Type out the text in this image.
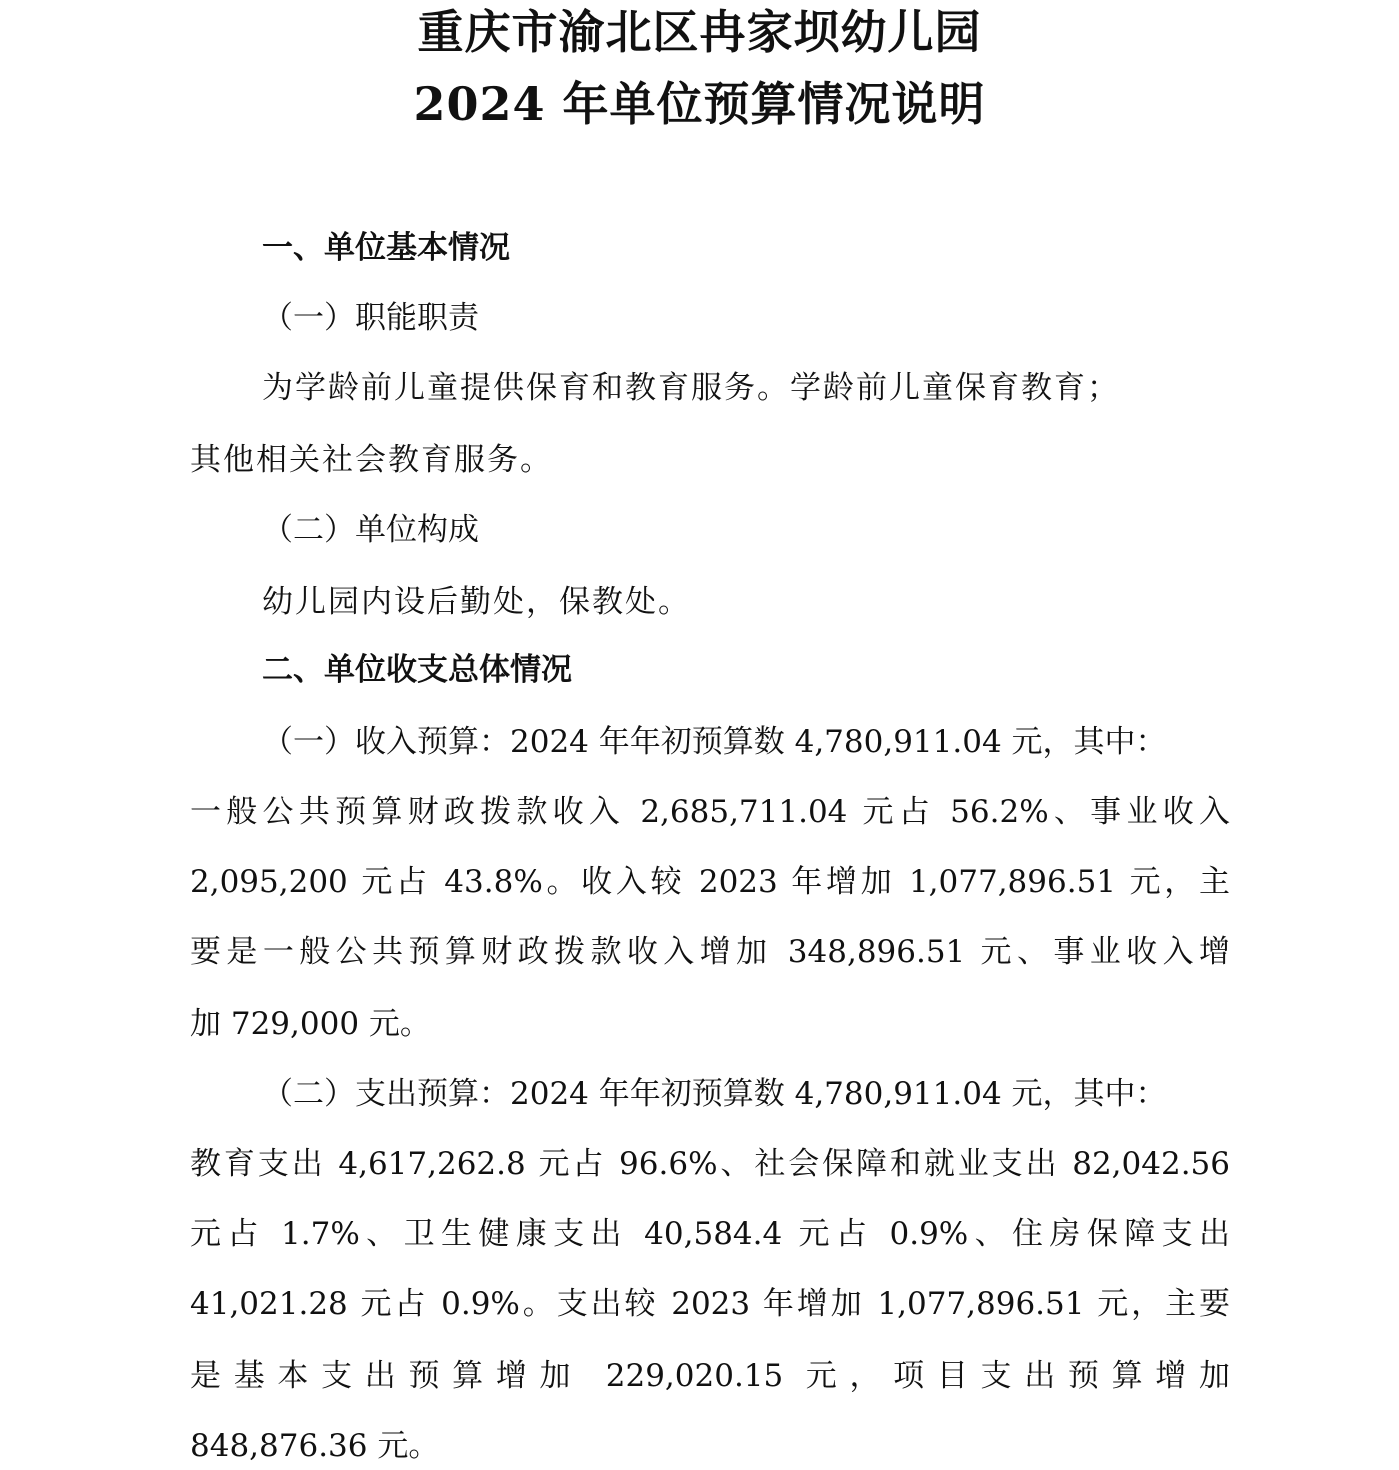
重庆市渝北区冉家坝幼儿园
2024 年单位预算情况说明
一、单位基本情况
（一）职能职责
为学龄前儿童提供保育和教育服务。学龄前儿童保育教育；
其他相关社会教育服务。
（二）单位构成
幼儿园内设后勤处，保教处。
二、单位收支总体情况
（一）收入预算：2024 年年初预算数 4,780,911.04 元，其中：
一般公共预算财政拨款收入 2,685,711.04 元占 56.2%、事业收入
2,095,200 元占 43.8%。收入较 2023 年增加 1,077,896.51 元，主
要是一般公共预算财政拨款收入增加 348,896.51 元、事业收入增
加 729,000 元。
（二）支出预算：2024 年年初预算数 4,780,911.04 元，其中：
教育支出 4,617,262.8 元占 96.6%、社会保障和就业支出 82,042.56
元占 1.7%、卫生健康支出 40,584.4 元占 0.9%、住房保障支出
41,021.28 元占 0.9%。支出较 2023 年增加 1,077,896.51 元，主要
是基本支出预算增加 229,020.15 元，项目支出预算增加
848,876.36 元。
